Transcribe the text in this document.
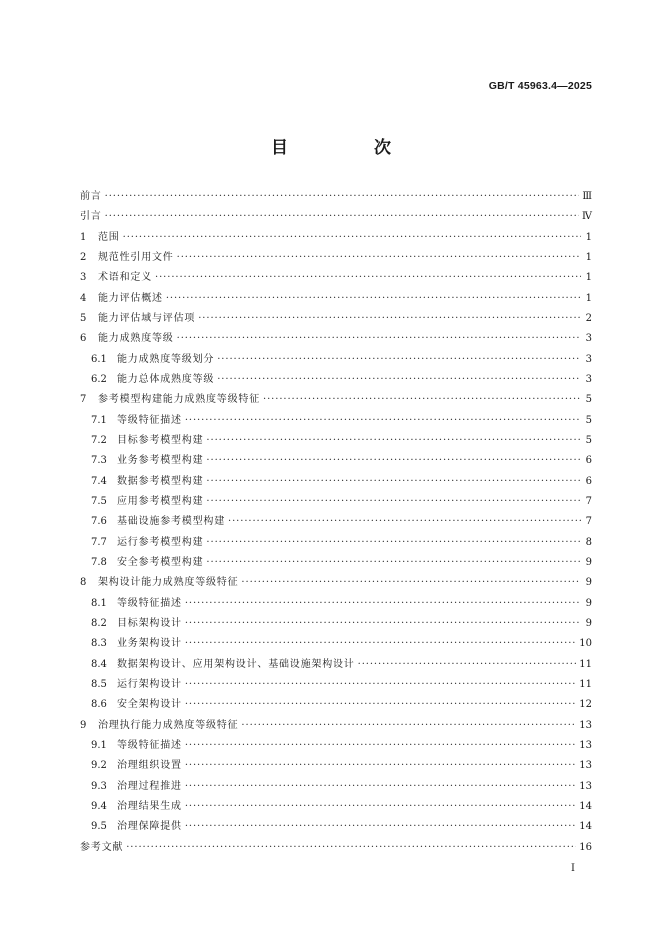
GB/T 45963.4—2025
目 次
前言 ·····	Ⅲ
引言 ·····	Ⅳ
1	范围 ·····	1
2	规范性引用文件 ·····	1
3	术语和定义 ·····	1
4	能力评估概述 ·····	1
5	能力评估域与评估项 ·····	2
6	能力成熟度等级 ·····	3
6.1	能力成熟度等级划分 ·····	3
6.2	能力总体成熟度等级 ·····	3
7	参考模型构建能力成熟度等级特征 ·····	5
7.1	等级特征描述 ·····	5
7.2	目标参考模型构建 ·····	5
7.3	业务参考模型构建 ·····	6
7.4	数据参考模型构建 ·····	6
7.5	应用参考模型构建 ·····	7
7.6	基础设施参考模型构建 ·····	7
7.7	运行参考模型构建 ·····	8
7.8	安全参考模型构建 ·····	9
8	架构设计能力成熟度等级特征 ·····	9
8.1	等级特征描述 ·····	9
8.2	目标架构设计 ·····	9
8.3	业务架构设计 ·····	10
8.4	数据架构设计、应用架构设计、基础设施架构设计 ·····	11
8.5	运行架构设计 ·····	11
8.6	安全架构设计 ·····	12
9	治理执行能力成熟度等级特征 ·····	13
9.1	等级特征描述 ·····	13
9.2	治理组织设置 ·····	13
9.3	治理过程推进 ·····	13
9.4	治理结果生成 ·····	14
9.5	治理保障提供 ·····	14
参考文献 ·····	16
Ⅰ
